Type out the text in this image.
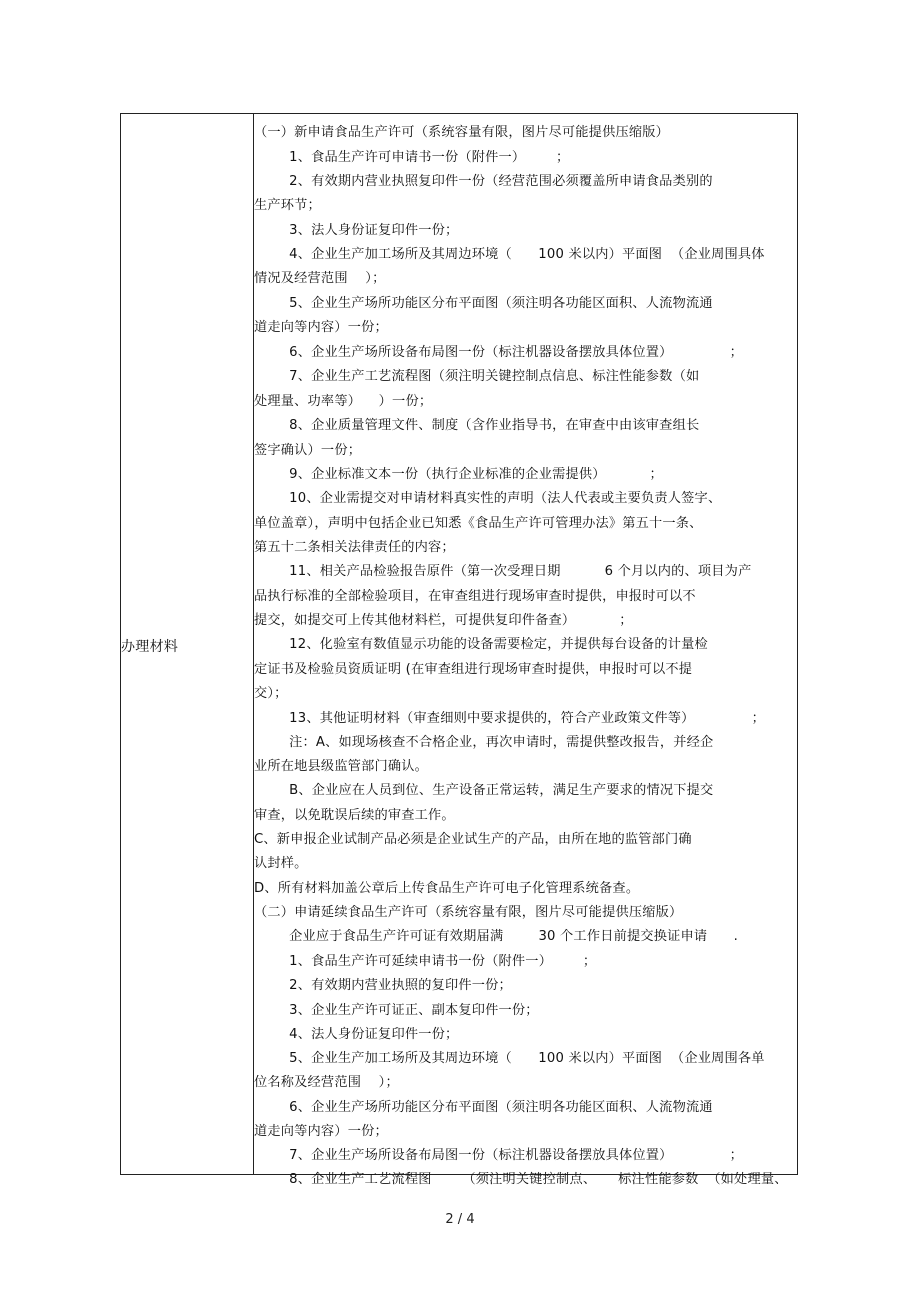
办理材料
（一）新申请食品生产许可（系统容量有限，图片尽可能提供压缩版）
1、食品生产许可申请书一份（附件一）       ；
2、有效期内营业执照复印件一份（经营范围必须覆盖所申请食品类别的
生产环节；
3、法人身份证复印件一份；
4、企业生产加工场所及其周边环境（      100 米以内）平面图  （企业周围具体
情况及经营范围    ）；
5、企业生产场所功能区分布平面图（须注明各功能区面积、人流物流通
道走向等内容）一份；
6、企业生产场所设备布局图一份（标注机器设备摆放具体位置）             ；
7、企业生产工艺流程图（须注明关键控制点信息、标注性能参数（如
处理量、功率等）    ）一份；
8、企业质量管理文件、制度（含作业指导书，在审查中由该审查组长
签字确认）一份；
9、企业标准文本一份（执行企业标准的企业需提供）          ；
10、企业需提交对申请材料真实性的声明（法人代表或主要负责人签字、
单位盖章），声明中包括企业已知悉《食品生产许可管理办法》第五十一条、
第五十二条相关法律责任的内容；
11、相关产品检验报告原件（第一次受理日期          6 个月以内的、项目为产
品执行标准的全部检验项目，在审查组进行现场审查时提供，申报时可以不
提交，如提交可上传其他材料栏，可提供复印件备查）          ；
12、化验室有数值显示功能的设备需要检定，并提供每台设备的计量检
定证书及检验员资质证明 (在审查组进行现场审查时提供，申报时可以不提
交）；
13、其他证明材料（审查细则中要求提供的，符合产业政策文件等）             ；
注：A、如现场核查不合格企业，再次申请时，需提供整改报告，并经企
业所在地县级监管部门确认。
B、企业应在人员到位、生产设备正常运转，满足生产要求的情况下提交
审查，以免耽误后续的审查工作。
C、新申报企业试制产品必须是企业试生产的产品，由所在地的监管部门确
认封样。
D、所有材料加盖公章后上传食品生产许可电子化管理系统备查。
（二）申请延续食品生产许可（系统容量有限，图片尽可能提供压缩版）
企业应于食品生产许可证有效期届满        30 个工作日前提交换证申请      .
1、食品生产许可延续申请书一份（附件一）       ；
2、有效期内营业执照的复印件一份；
3、企业生产许可证正、副本复印件一份；
4、法人身份证复印件一份；
5、企业生产加工场所及其周边环境（      100 米以内）平面图  （企业周围各单
位名称及经营范围    ）；
6、企业生产场所功能区分布平面图（须注明各功能区面积、人流物流通
道走向等内容）一份；
7、企业生产场所设备布局图一份（标注机器设备摆放具体位置）             ；
8、企业生产工艺流程图       （须注明关键控制点、     标注性能参数  （如处理量、
2 / 4
